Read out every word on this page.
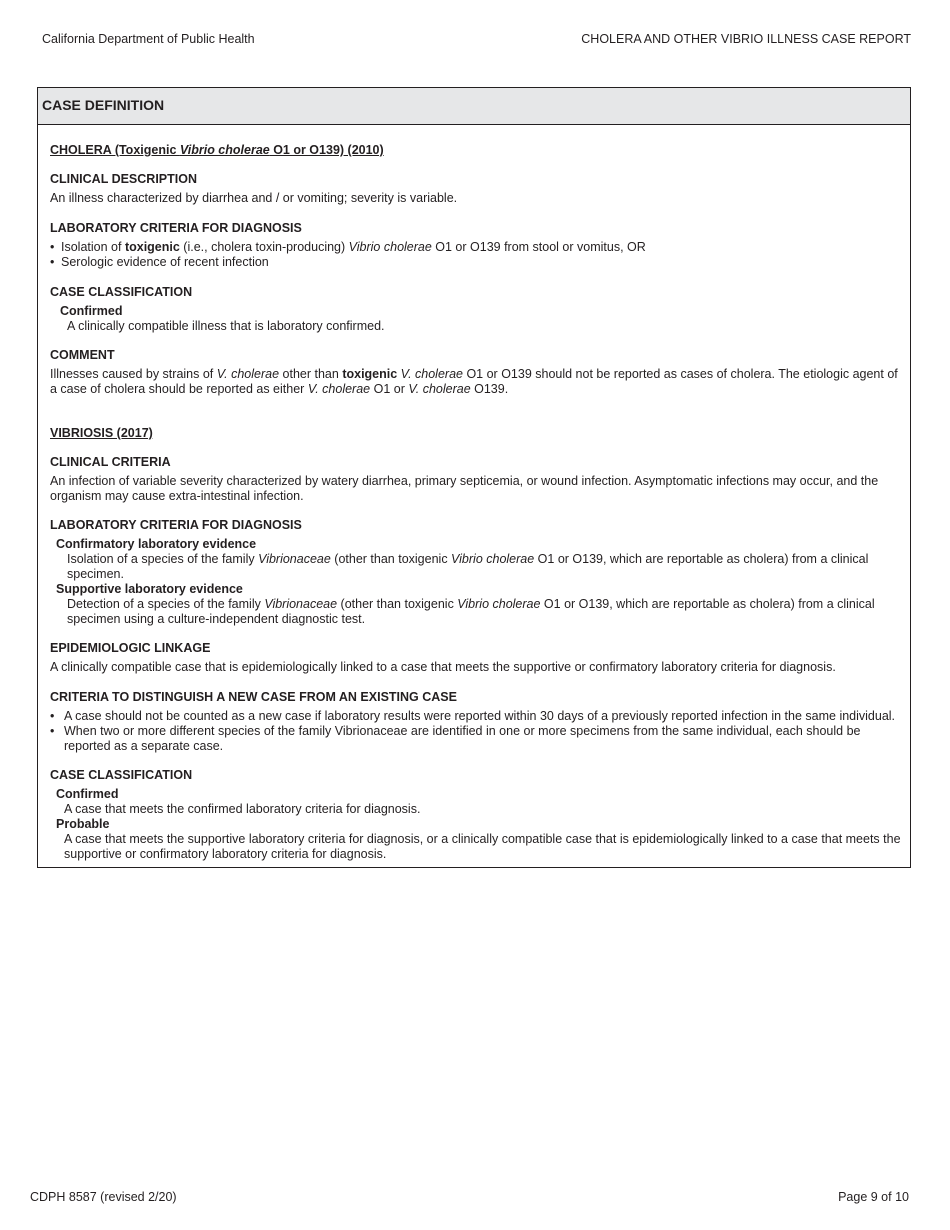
California Department of Public Health	CHOLERA AND OTHER VIBRIO ILLNESS CASE REPORT
CASE DEFINITION
CHOLERA (Toxigenic Vibrio cholerae O1 or O139) (2010)
CLINICAL DESCRIPTION

An illness characterized by diarrhea and / or vomiting; severity is variable.

LABORATORY CRITERIA FOR DIAGNOSIS
• Isolation of toxigenic (i.e., cholera toxin-producing) Vibrio cholerae O1 or O139 from stool or vomitus, OR
• Serologic evidence of recent infection
CASE CLASSIFICATION
Confirmed

A clinically compatible illness that is laboratory confirmed.

COMMENT

Illnesses caused by strains of V. cholerae other than toxigenic V. cholerae O1 or O139 should not be reported as cases of cholera. The etiologic agent of a case of cholera should be reported as either V. cholerae O1 or V. cholerae O139.

VIBRIOSIS (2017)
CLINICAL CRITERIA

An infection of variable severity characterized by watery diarrhea, primary septicemia, or wound infection. Asymptomatic infections may occur, and the organism may cause extra-intestinal infection.

LABORATORY CRITERIA FOR DIAGNOSIS
Confirmatory laboratory evidence

Isolation of a species of the family Vibrionaceae (other than toxigenic Vibrio cholerae O1 or O139, which are reportable as cholera) from a clinical specimen.

Supportive laboratory evidence

Detection of a species of the family Vibrionaceae (other than toxigenic Vibrio cholerae O1 or O139, which are reportable as cholera) from a clinical specimen using a culture-independent diagnostic test.

EPIDEMIOLOGIC LINKAGE

A clinically compatible case that is epidemiologically linked to a case that meets the supportive or confirmatory laboratory criteria for diagnosis.

CRITERIA TO DISTINGUISH A NEW CASE FROM AN EXISTING CASE
• A case should not be counted as a new case if laboratory results were reported within 30 days of a previously reported infection in the same individual.
• When two or more different species of the family Vibrionaceae are identified in one or more specimens from the same individual, each should be reported as a separate case.
CASE CLASSIFICATION
Confirmed

A case that meets the confirmed laboratory criteria for diagnosis.

Probable

A case that meets the supportive laboratory criteria for diagnosis, or a clinically compatible case that is epidemiologically linked to a case that meets the supportive or confirmatory laboratory criteria for diagnosis.

CDPH 8587 (revised 2/20)	Page 9 of 10
